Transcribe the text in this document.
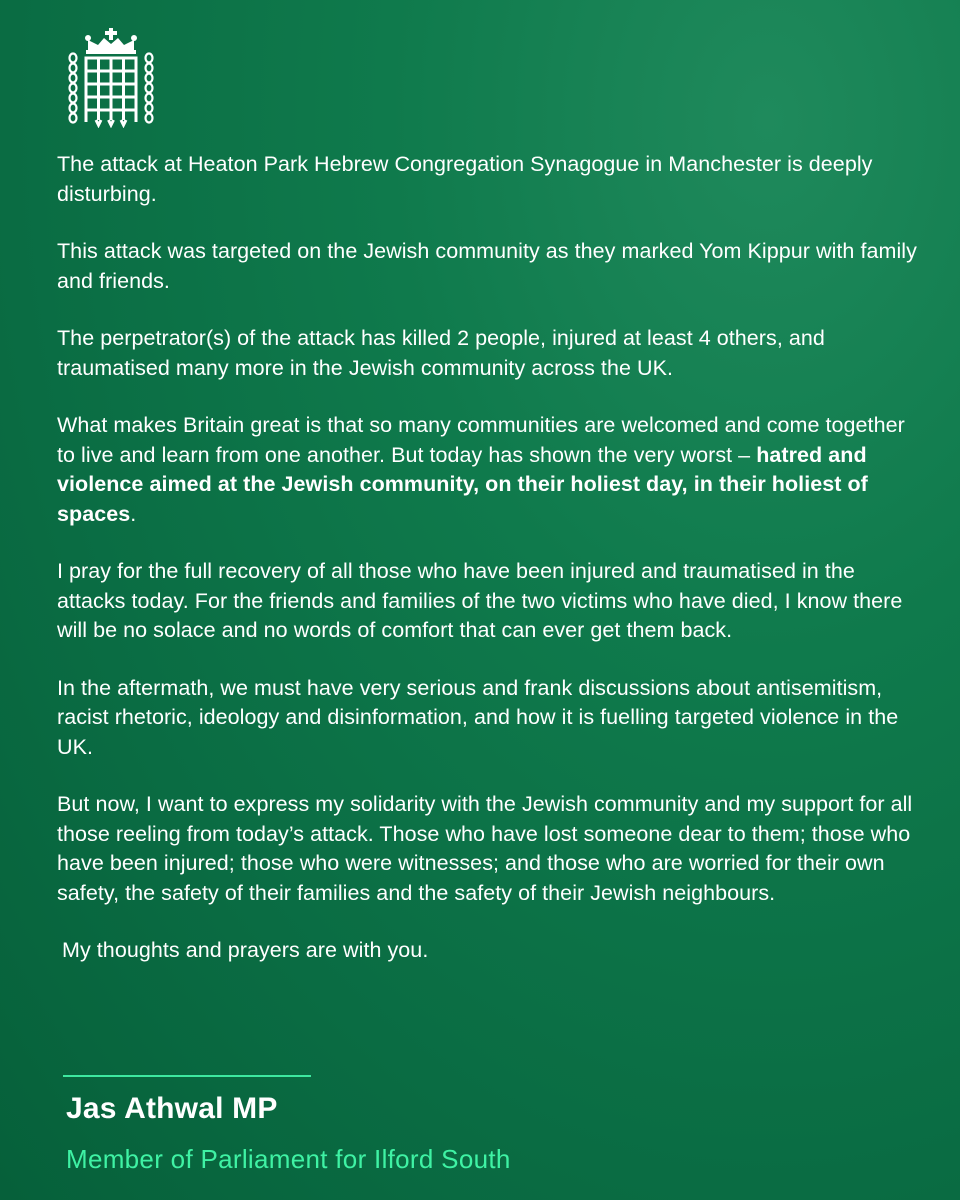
The attack at Heaton Park Hebrew Congregation Synagogue in Manchester is deeply disturbing.

This attack was targeted on the Jewish community as they marked Yom Kippur with family and friends.

The perpetrator(s) of the attack has killed 2 people, injured at least 4 others, and traumatised many more in the Jewish community across the UK.

What makes Britain great is that so many communities are welcomed and come together to live and learn from one another. But today has shown the very worst – hatred and violence aimed at the Jewish community, on their holiest day, in their holiest of spaces.

I pray for the full recovery of all those who have been injured and traumatised in the attacks today. For the friends and families of the two victims who have died, I know there will be no solace and no words of comfort that can ever get them back.

In the aftermath, we must have very serious and frank discussions about antisemitism, racist rhetoric, ideology and disinformation, and how it is fuelling targeted violence in the UK.

But now, I want to express my solidarity with the Jewish community and my support for all those reeling from today’s attack. Those who have lost someone dear to them; those who have been injured; those who were witnesses; and those who are worried for their own safety, the safety of their families and the safety of their Jewish neighbours.

My thoughts and prayers are with you.

Jas Athwal MP
Member of Parliament for Ilford South
